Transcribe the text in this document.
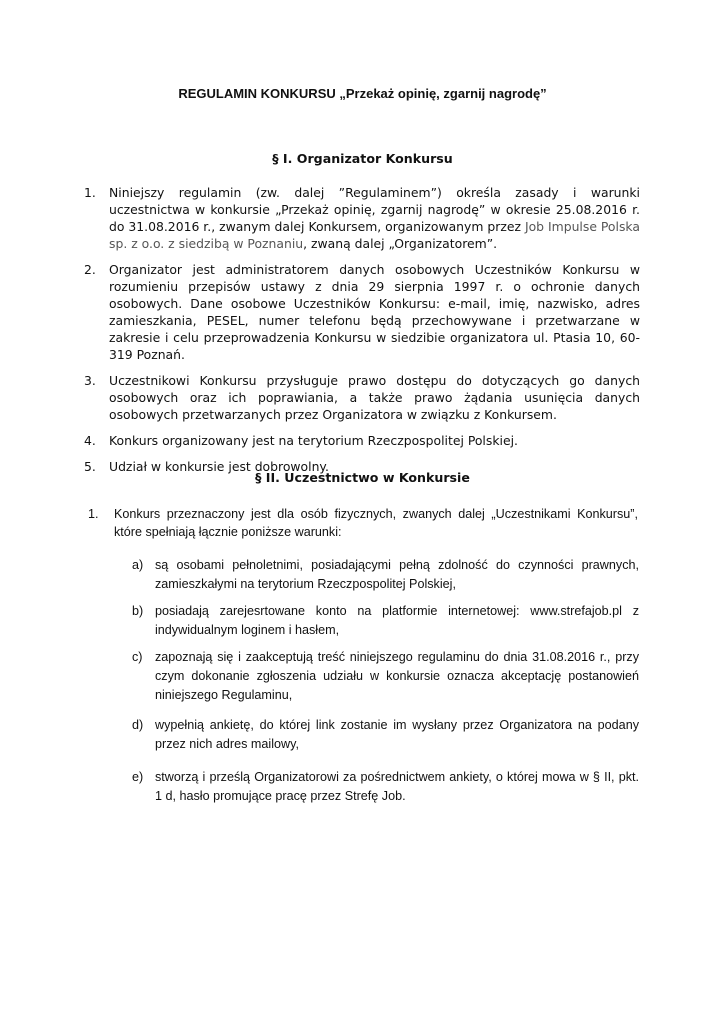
REGULAMIN KONKURSU „Przekaż opinię, zgarnij nagrodę”
§ I. Organizator Konkursu
1. Niniejszy regulamin (zw. dalej ”Regulaminem”) określa zasady i warunki uczestnictwa w konkursie „Przekaż opinię, zgarnij nagrodę” w okresie 25.08.2016 r. do 31.08.2016 r., zwanym dalej Konkursem, organizowanym przez Job Impulse Polska sp. z o.o. z siedzibą w Poznaniu, zwaną dalej „Organizatorem”.
2. Organizator jest administratorem danych osobowych Uczestników Konkursu w rozumieniu przepisów ustawy z dnia 29 sierpnia 1997 r. o ochronie danych osobowych. Dane osobowe Uczestników Konkursu: e-mail, imię, nazwisko, adres zamieszkania, PESEL, numer telefonu będą przechowywane i przetwarzane w zakresie i celu przeprowadzenia Konkursu w siedzibie organizatora ul. Ptasia 10, 60-319 Poznań.
3. Uczestnikowi Konkursu przysługuje prawo dostępu do dotyczących go danych osobowych oraz ich poprawiania, a także prawo żądania usunięcia danych osobowych przetwarzanych przez Organizatora w związku z Konkursem.
4. Konkurs organizowany jest na terytorium Rzeczpospolitej Polskiej.
5. Udział w konkursie jest dobrowolny.
§ II. Uczestnictwo w Konkursie
1. Konkurs przeznaczony jest dla osób fizycznych, zwanych dalej „Uczestnikami Konkursu”, które spełniają łącznie poniższe warunki:
a) są osobami pełnoletnimi, posiadającymi pełną zdolność do czynności prawnych, zamieszkałymi na terytorium Rzeczpospolitej Polskiej,
b) posiadają zarejesrtowane konto na platformie internetowej: www.strefajob.pl z indywidualnym loginem i hasłem,
c) zapoznają się i zaakceptują treść niniejszego regulaminu do dnia 31.08.2016 r., przy czym dokonanie zgłoszenia udziału w konkursie oznacza akceptację postanowień niniejszego Regulaminu,
d) wypełnią ankietę, do której link zostanie im wysłany przez Organizatora na podany przez nich adres mailowy,
e) stworzą i prześlą Organizatorowi za pośrednictwem ankiety, o której mowa w § II, pkt. 1 d, hasło promujące pracę przez Strefę Job.
